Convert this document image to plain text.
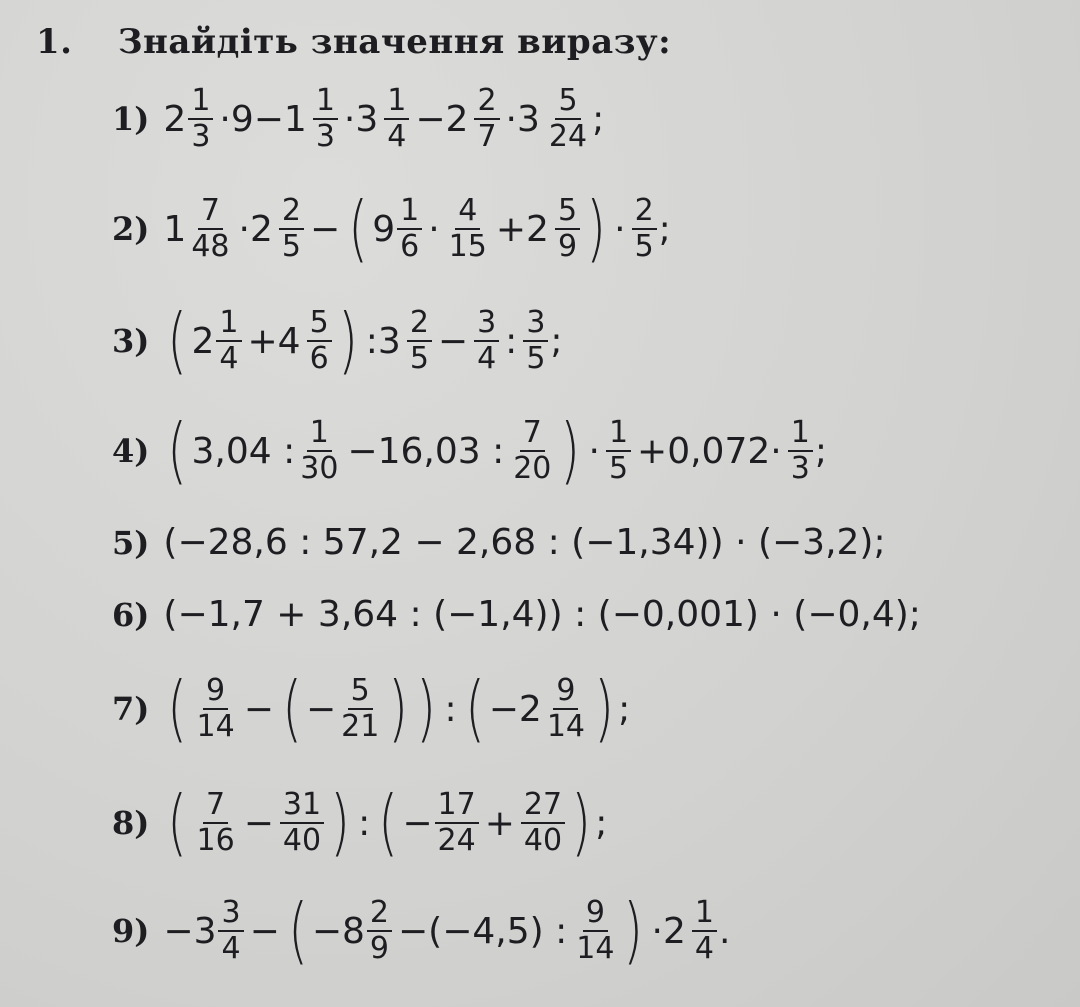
1. Знайдіть значення виразу:
1) $2 \frac{1}{3} \cdot 9-1 \frac{1}{3} \cdot 3 \frac{1}{4} -2 \frac{2}{7} \cdot 3 \frac{5}{24}$ ;
2) $1 \frac{7}{48} \cdot 2 \frac{2}{5}$ − ( $9 \frac{1}{6} \cdot \frac{4}{15} +2 \frac{5}{9}$ ) · $\frac{2}{5}$ ;
3) ( $2 \frac{1}{4} +4 \frac{5}{6}$ ) :3 $\frac{2}{5} - \frac{3}{4}$ : $\frac{3}{5}$ ;
4) ( 3,04 : $\frac{1}{30} -16,03$ : $\frac{7}{20}$ ) · $\frac{1}{5} +0,072\cdot \frac{1}{3}$ ;
5) (−28,6 : 57,2 − 2,68 : (−1,34)) · (−3,2);
6) (−1,7 + 3,64 : (−1,4)) : (−0,001) · (−0,4);
7) ( $\frac{9}{14}$ − ( − $\frac{5}{21}$ ) ) : ( $-2 \frac{9}{14}$ ) ;
8) ( $\frac{7}{16} - \frac{31}{40}$ ) : ( − $\frac{17}{24} + \frac{27}{40}$ ) ;
$9) -3 \frac{3}{4}$ − ( $-8 \frac{2}{9} -(-4,5)$ : $\frac{9}{14}$ ) $\cdot 2 \frac{1}{4}$ .
